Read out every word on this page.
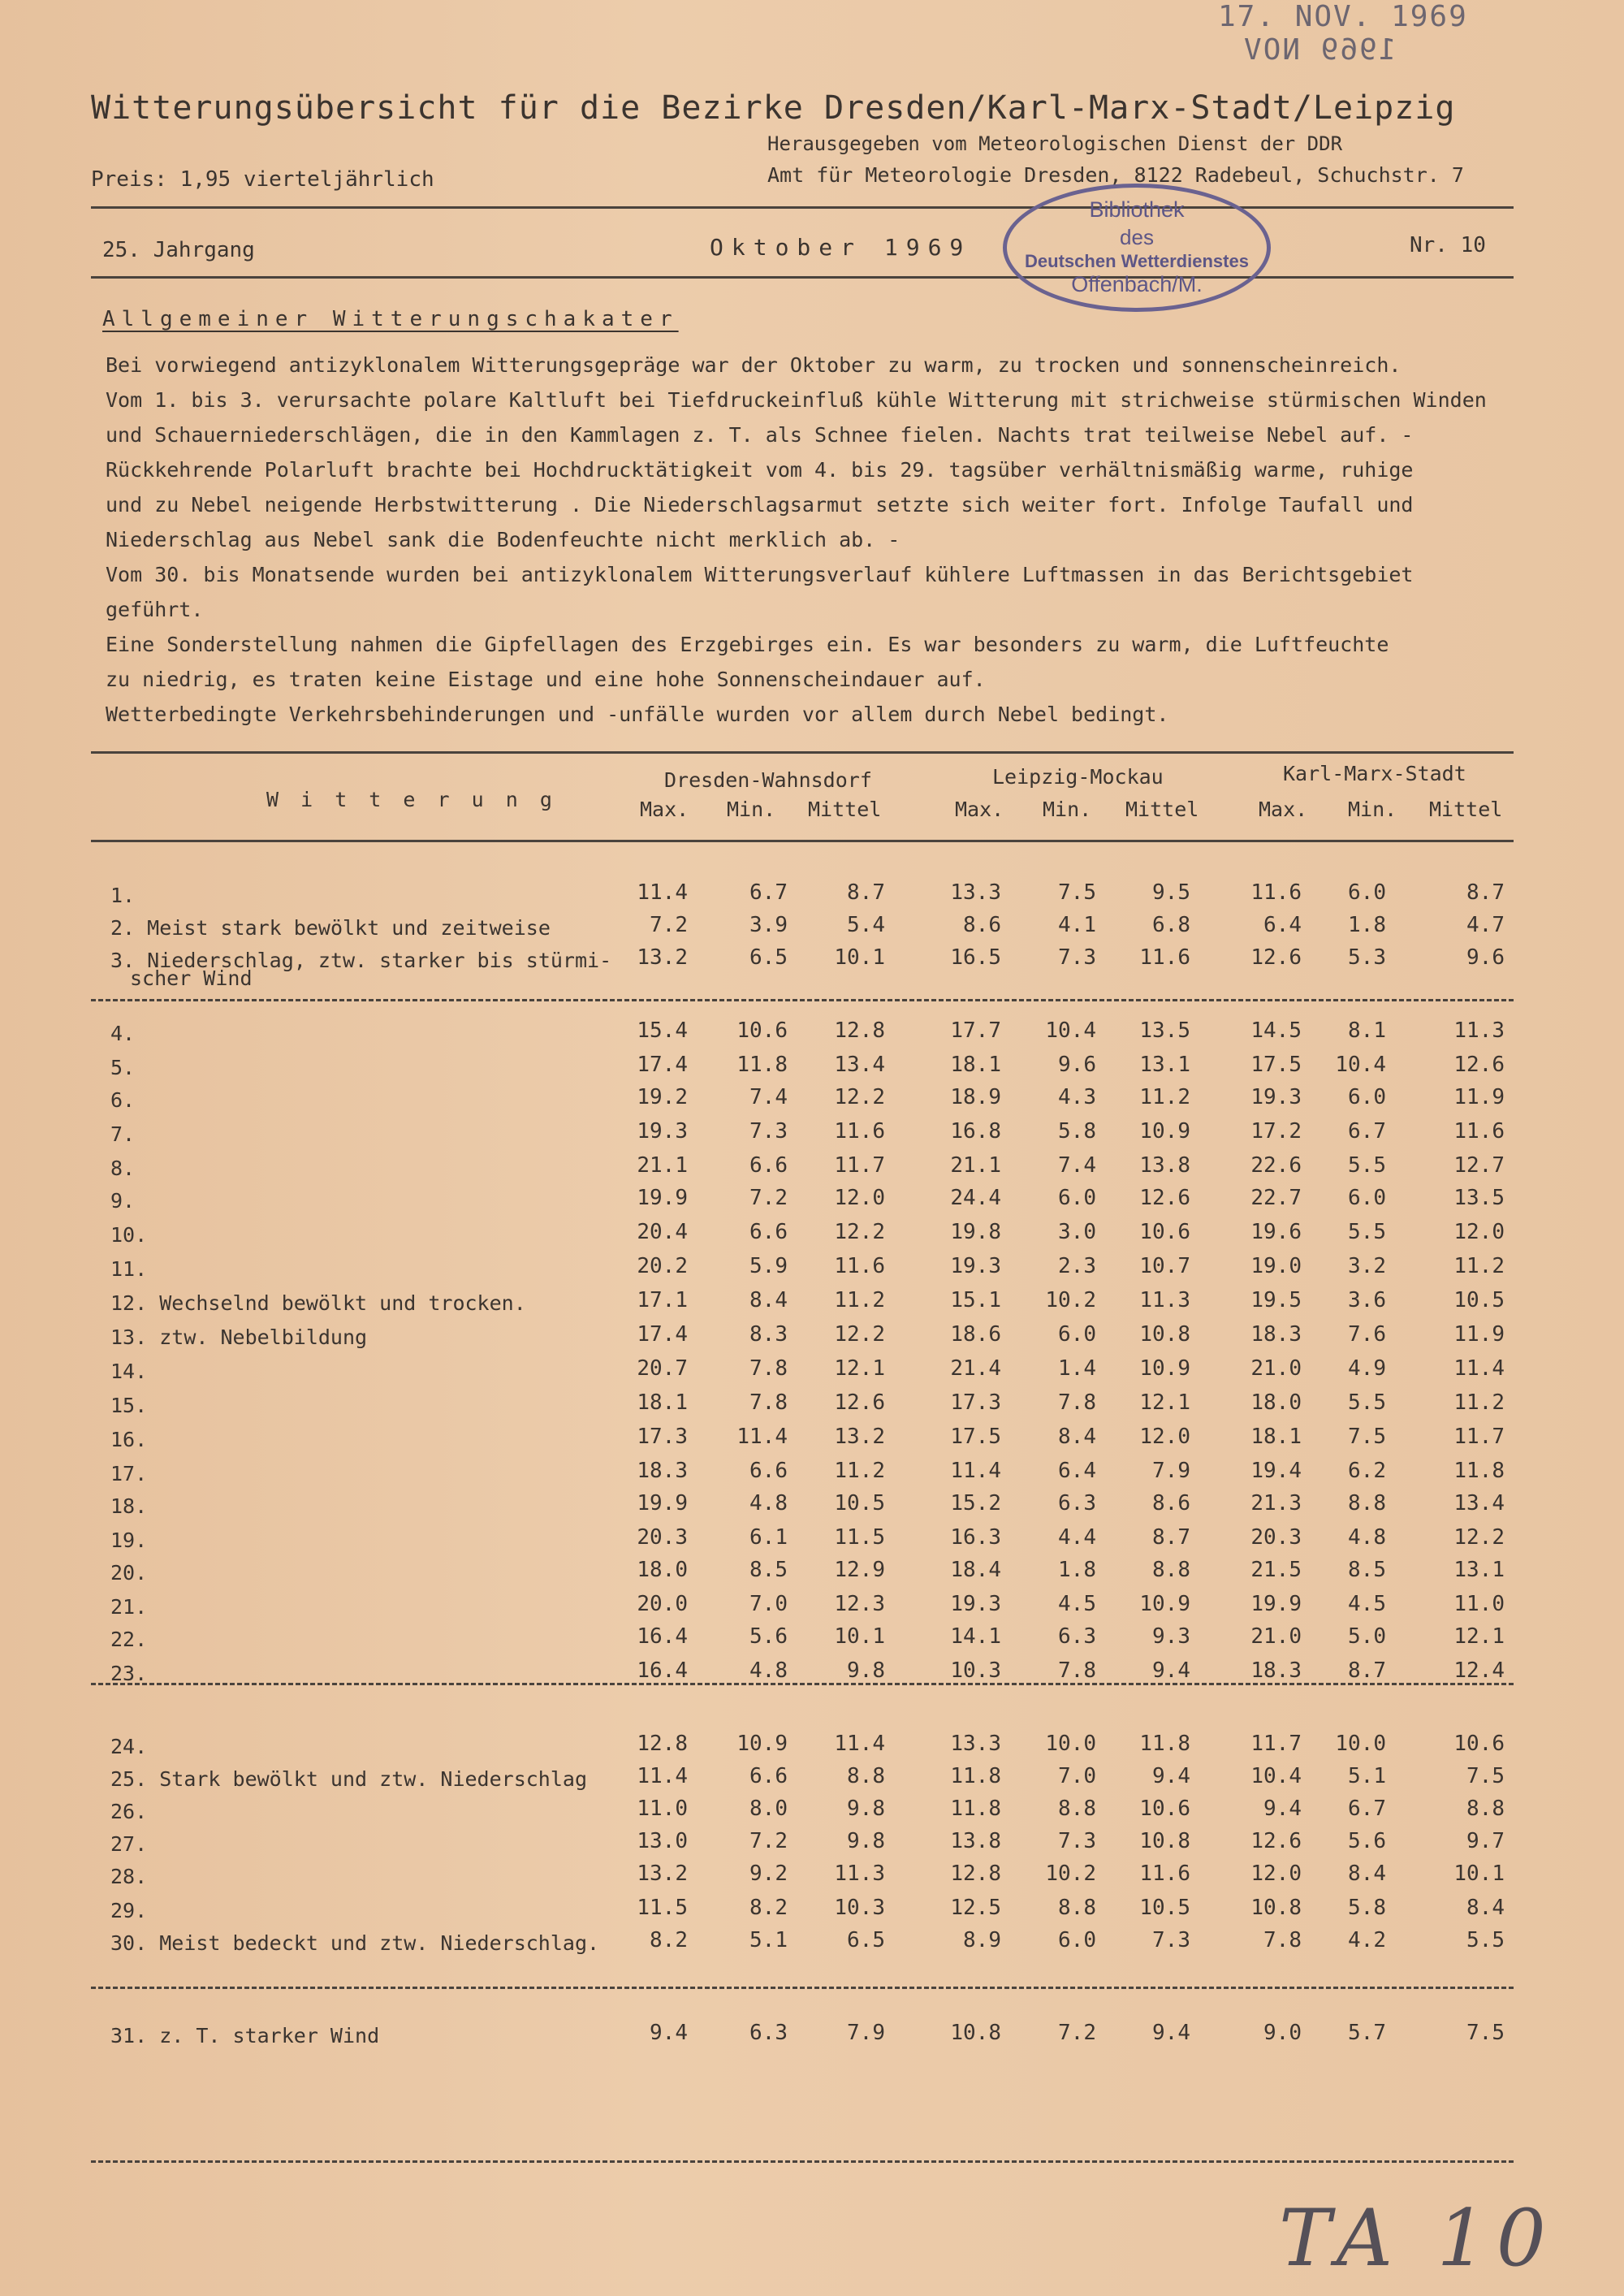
17. NOV. 1969 1969 NOV
Witterungsübersicht für die Bezirke Dresden/Karl-Marx-Stadt/Leipzig
Herausgegeben vom Meteorologischen Dienst der DDR
Preis: 1,95 vierteljährlich	Amt für Meteorologie Dresden, 8122 Radebeul, Schuchstr. 7
25. Jahrgang	Oktober 1969	Nr. 10
Bibliothek
des
Deutschen Wetterdienstes
Offenbach/M.
Allgemeiner Witterungschakater
Bei vorwiegend antizyklonalem Witterungsgepräge war der Oktober zu warm, zu trocken und sonnenscheinreich.
Vom 1. bis 3. verursachte polare Kaltluft bei Tiefdruckeinfluß kühle Witterung mit strichweise stürmischen Winden
und Schauerniederschlägen, die in den Kammlagen z. T. als Schnee fielen. Nachts trat teilweise Nebel auf. -
Rückkehrende Polarluft brachte bei Hochdrucktätigkeit vom 4. bis 29. tagsüber verhältnismäßig warme, ruhige
und zu Nebel neigende Herbstwitterung . Die Niederschlagsarmut setzte sich weiter fort. Infolge Taufall und
Niederschlag aus Nebel sank die Bodenfeuchte nicht merklich ab. -
Vom 30. bis Monatsende wurden bei antizyklonalem Witterungsverlauf kühlere Luftmassen in das Berichtsgebiet
geführt.
Eine Sonderstellung nahmen die Gipfellagen des Erzgebirges ein. Es war besonders zu warm, die Luftfeuchte
zu niedrig, es traten keine Eistage und eine hohe Sonnenscheindauer auf.
Wetterbedingte Verkehrsbehinderungen und -unfälle wurden vor allem durch Nebel bedingt.
W i t t e r u n g
Dresden-Wahnsdorf	Leipzig-Mockau	Karl-Marx-Stadt
Max. Min. Mittel	Max. Min. Mittel	Max. Min. Mittel
1.	11.4	6.7	8.7	13.3	7.5	9.5	11.6	6.0	8.7
2. Meist stark bewölkt und zeitweise	7.2	3.9	5.4	8.6	4.1	6.8	6.4	1.8	4.7
3. Niederschlag, ztw. starker bis stürmi-
scher Wind
13.2	6.5	10.1	16.5	7.3	11.6	12.6	5.3	9.6
4.	15.4	10.6	12.8	17.7	10.4	13.5	14.5	8.1	11.3
5.	17.4	11.8	13.4	18.1	9.6	13.1	17.5	10.4	12.6
6.	19.2	7.4	12.2	18.9	4.3	11.2	19.3	6.0	11.9
7.	19.3	7.3	11.6	16.8	5.8	10.9	17.2	6.7	11.6
8.	21.1	6.6	11.7	21.1	7.4	13.8	22.6	5.5	12.7
9.	19.9	7.2	12.0	24.4	6.0	12.6	22.7	6.0	13.5
10.	20.4	6.6	12.2	19.8	3.0	10.6	19.6	5.5	12.0
11.	20.2	5.9	11.6	19.3	2.3	10.7	19.0	3.2	11.2
12. Wechselnd bewölkt und trocken.	17.1	8.4	11.2	15.1	10.2	11.3	19.5	3.6	10.5
13. ztw. Nebelbildung	17.4	8.3	12.2	18.6	6.0	10.8	18.3	7.6	11.9
14.	20.7	7.8	12.1	21.4	1.4	10.9	21.0	4.9	11.4
15.	18.1	7.8	12.6	17.3	7.8	12.1	18.0	5.5	11.2
16.	17.3	11.4	13.2	17.5	8.4	12.0	18.1	7.5	11.7
17.	18.3	6.6	11.2	11.4	6.4	7.9	19.4	6.2	11.8
18.	19.9	4.8	10.5	15.2	6.3	8.6	21.3	8.8	13.4
19.	20.3	6.1	11.5	16.3	4.4	8.7	20.3	4.8	12.2
20.	18.0	8.5	12.9	18.4	1.8	8.8	21.5	8.5	13.1
21.	20.0	7.0	12.3	19.3	4.5	10.9	19.9	4.5	11.0
22.	16.4	5.6	10.1	14.1	6.3	9.3	21.0	5.0	12.1
23.	16.4	4.8	9.8	10.3	7.8	9.4	18.3	8.7	12.4
24.	12.8	10.9	11.4	13.3	10.0	11.8	11.7	10.0	10.6
25. Stark bewölkt und ztw. Niederschlag	11.4	6.6	8.8	11.8	7.0	9.4	10.4	5.1	7.5
26.	11.0	8.0	9.8	11.8	8.8	10.6	9.4	6.7	8.8
27.	13.0	7.2	9.8	13.8	7.3	10.8	12.6	5.6	9.7
28.	13.2	9.2	11.3	12.8	10.2	11.6	12.0	8.4	10.1
29.	11.5	8.2	10.3	12.5	8.8	10.5	10.8	5.8	8.4
30. Meist bedeckt und ztw. Niederschlag.	8.2	5.1	6.5	8.9	6.0	7.3	7.8	4.2	5.5
31. z. T. starker Wind	9.4	6.3	7.9	10.8	7.2	9.4	9.0	5.7	7.5
TA 10
